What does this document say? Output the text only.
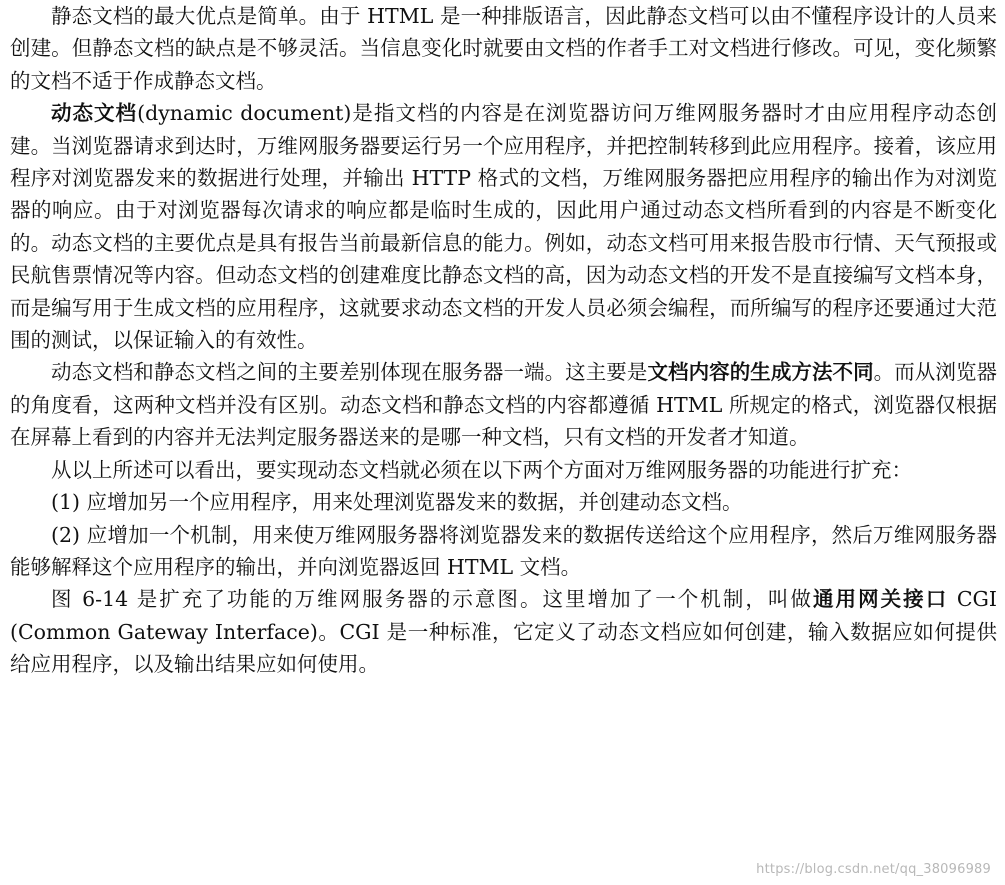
静态文档的最大优点是简单。由于 HTML 是一种排版语言，因此静态文档可以由不懂程序设计的人员来创建。但静态文档的缺点是不够灵活。当信息变化时就要由文档的作者手工对文档进行修改。可见，变化频繁的文档不适于作成静态文档。

动态文档(dynamic document)是指文档的内容是在浏览器访问万维网服务器时才由应用程序动态创建。当浏览器请求到达时，万维网服务器要运行另一个应用程序，并把控制转移到此应用程序。接着，该应用程序对浏览器发来的数据进行处理，并输出 HTTP 格式的文档，万维网服务器把应用程序的输出作为对浏览器的响应。由于对浏览器每次请求的响应都是临时生成的，因此用户通过动态文档所看到的内容是不断变化的。动态文档的主要优点是具有报告当前最新信息的能力。例如，动态文档可用来报告股市行情、天气预报或民航售票情况等内容。但动态文档的创建难度比静态文档的高，因为动态文档的开发不是直接编写文档本身，而是编写用于生成文档的应用程序，这就要求动态文档的开发人员必须会编程，而所编写的程序还要通过大范围的测试，以保证输入的有效性。

动态文档和静态文档之间的主要差别体现在服务器一端。这主要是文档内容的生成方法不同。而从浏览器的角度看，这两种文档并没有区别。动态文档和静态文档的内容都遵循 HTML 所规定的格式，浏览器仅根据在屏幕上看到的内容并无法判定服务器送来的是哪一种文档，只有文档的开发者才知道。

从以上所述可以看出，要实现动态文档就必须在以下两个方面对万维网服务器的功能进行扩充：

(1) 应增加另一个应用程序，用来处理浏览器发来的数据，并创建动态文档。

(2) 应增加一个机制，用来使万维网服务器将浏览器发来的数据传送给这个应用程序，然后万维网服务器能够解释这个应用程序的输出，并向浏览器返回 HTML 文档。

图 6-14 是扩充了功能的万维网服务器的示意图。这里增加了一个机制，叫做通用网关接口 CGI (Common Gateway Interface)。CGI 是一种标准，它定义了动态文档应如何创建，输入数据应如何提供给应用程序，以及输出结果应如何使用。

https://blog.csdn.net/qq_38096989
